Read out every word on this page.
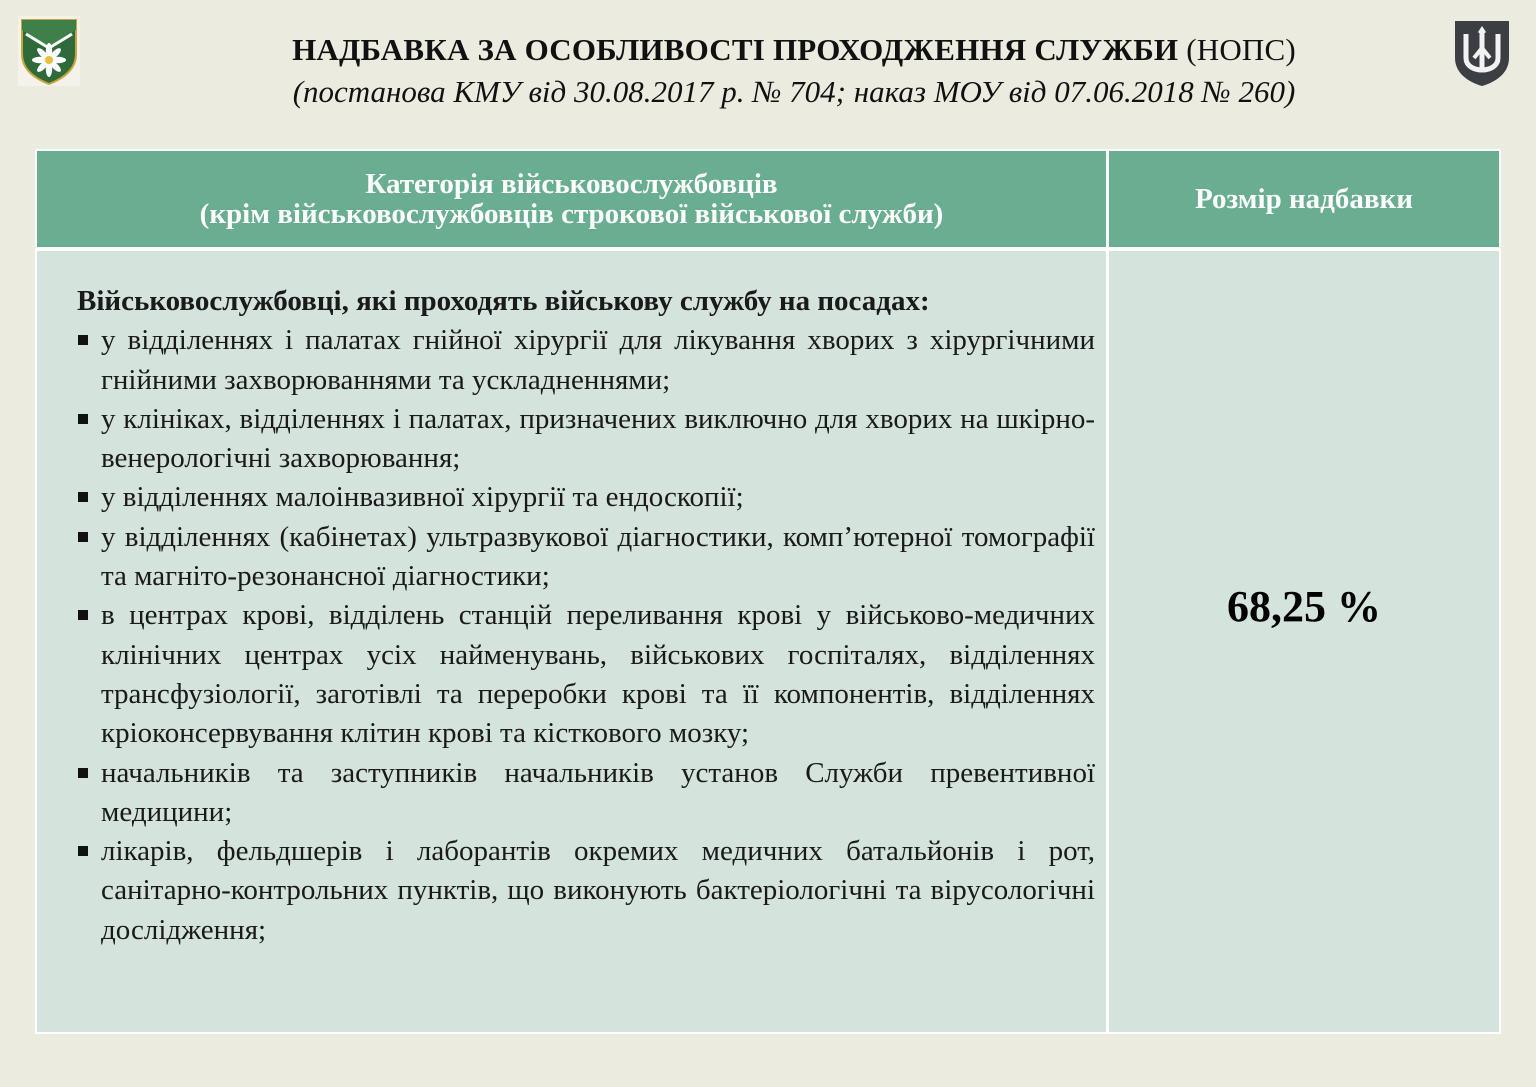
НАДБАВКА ЗА ОСОБЛИВОСТІ ПРОХОДЖЕННЯ СЛУЖБИ (НОПС)
(постанова КМУ від 30.08.2017 р. № 704; наказ МОУ від 07.06.2018 № 260)
Категорія військовослужбовців
(крім військовослужбовців строкової військової служби)	Розмір надбавки

Військовослужбовці, які проходять військову службу на посадах:

у відділеннях і палатах гнійної хірургії для лікування хворих з хірургічними гнійними захворюваннями та ускладненнями;
у клініках, відділеннях і палатах, призначених виключно для хворих на шкірно-венерологічні захворювання;
у відділеннях малоінвазивної хірургії та ендоскопії;
у відділеннях (кабінетах) ультразвукової діагностики, комп’ютерної томографії та магніто-резонансної діагностики;
в центрах крові, відділень станцій переливання крові у військово-медичних клінічних центрах усіх найменувань, військових госпіталях, відділеннях трансфузіології, заготівлі та переробки крові та її компонентів, відділеннях кріоконсервування клітин крові та кісткового мозку;
начальників та заступників начальників установ Служби превентивної медицини;
лікарів, фельдшерів і лаборантів окремих медичних батальйонів і рот, санітарно-контрольних пунктів, що виконують бактеріологічні та вірусологічні дослідження;
68,25 %
